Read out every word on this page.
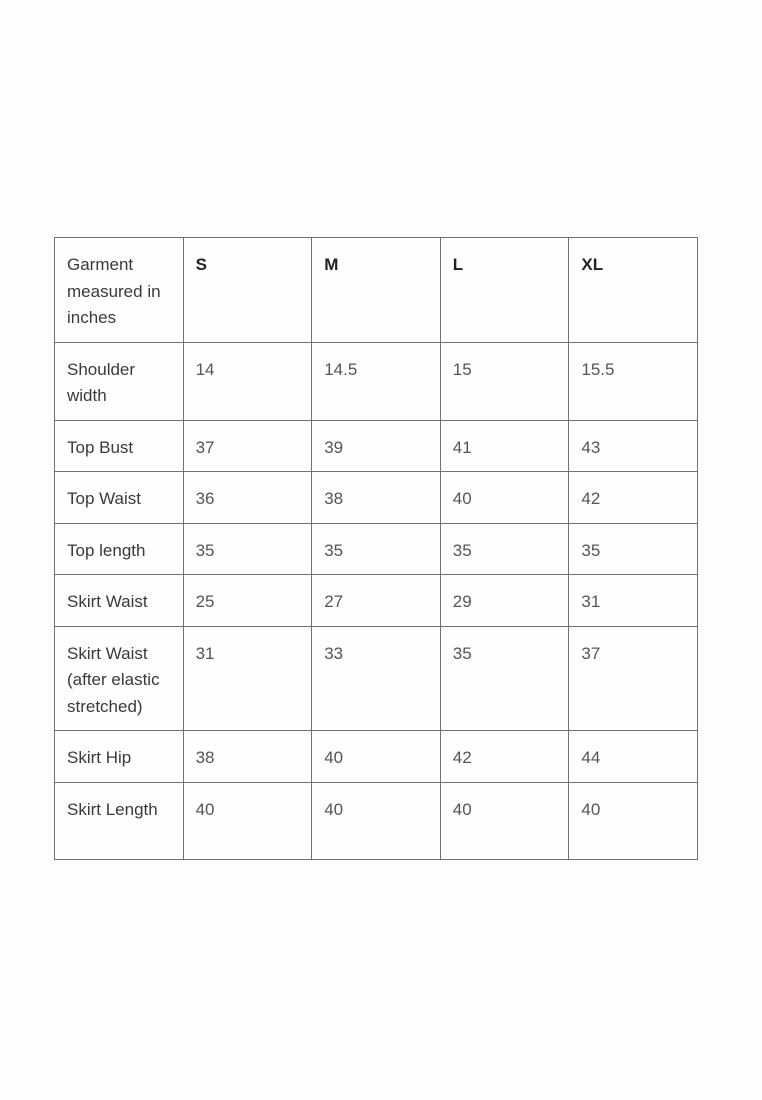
Garment measured in inches	S	M	L	XL
Shoulder width	14	14.5	15	15.5
Top Bust	37	39	41	43
Top Waist	36	38	40	42
Top length	35	35	35	35
Skirt Waist	25	27	29	31
Skirt Waist (after elastic stretched)	31	33	35	37
Skirt Hip	38	40	42	44
Skirt Length	40	40	40	40
